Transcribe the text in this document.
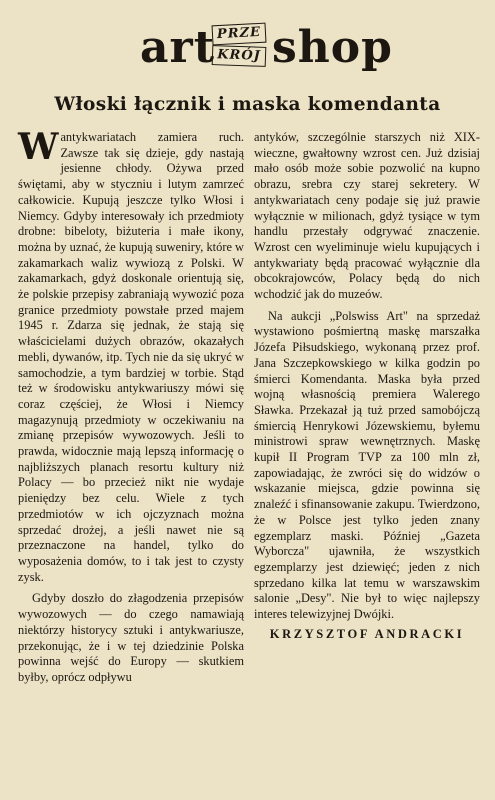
art PRZE
KRÓJ shop
Włoski łącznik i maska komendanta

Wantykwariatach zamiera ruch. Zawsze tak się dzieje, gdy nastają jesienne chłody. Ożywa przed świętami, aby w styczniu i lutym zamrzeć całkowicie. Kupują jeszcze tylko Włosi i Niemcy. Gdyby interesowały ich przedmioty drobne: bibeloty, biżuteria i małe ikony, można by uznać, że kupują suweniry, które w zakamarkach waliz wywiozą z Polski. W zakamarkach, gdyż doskonale orientują się, że polskie przepisy zabraniają wywozić poza granice przedmioty powstałe przed majem 1945 r. Zdarza się jednak, że stają się właścicielami dużych obrazów, okazałych mebli, dywanów, itp. Tych nie da się ukryć w samochodzie, a tym bardziej w torbie. Stąd też w środowisku antykwariuszy mówi się coraz częściej, że Włosi i Niemcy magazynują przedmioty w oczekiwaniu na zmianę przepisów wywozowych. Jeśli to prawda, widocznie mają lepszą informację o najbliższych planach resortu kultury niż Polacy — bo przecież nikt nie wydaje pieniędzy bez celu. Wiele z tych przedmiotów w ich ojczyznach można sprzedać drożej, a jeśli nawet nie są przeznaczone na handel, tylko do wyposażenia domów, to i tak jest to czysty zysk.

Gdyby doszło do złagodzenia przepisów wywozowych — do czego namawiają niektórzy historycy sztuki i antykwariusze, przekonując, że i w tej dziedzinie Polska powinna wejść do Europy — skutkiem byłby, oprócz odpływu

antyków, szczególnie starszych niż XIX-wieczne, gwałtowny wzrost cen. Już dzisiaj mało osób może sobie pozwolić na kupno obrazu, srebra czy starej sekretery. W antykwariatach ceny podaje się już prawie wyłącznie w milionach, gdyż tysiące w tym handlu przestały odgrywać znaczenie. Wzrost cen wyeliminuje wielu kupujących i antykwariaty będą pracować wyłącznie dla obcokrajowców, Polacy będą do nich wchodzić jak do muzeów.

Na aukcji „Polswiss Art" na sprzedaż wystawiono pośmiertną maskę marszałka Józefa Piłsudskiego, wykonaną przez prof. Jana Szczepkowskiego w kilka godzin po śmierci Komendanta. Maska była przed wojną własnością premiera Walerego Sławka. Przekazał ją tuż przed samobójczą śmiercią Henrykowi Józewskiemu, byłemu ministrowi spraw wewnętrznych. Maskę kupił II Program TVP za 100 mln zł, zapowiadając, że zwróci się do widzów o wskazanie miejsca, gdzie powinna się znaleźć i sfinansowanie zakupu. Twierdzono, że w Polsce jest tylko jeden znany egzemplarz maski. Później „Gazeta Wyborcza" ujawniła, że wszystkich egzemplarzy jest dziewięć; jeden z nich sprzedano kilka lat temu w warszawskim salonie „Desy". Nie był to więc najlepszy interes telewizyjnej Dwójki.

KRZYSZTOF ANDRACKI
